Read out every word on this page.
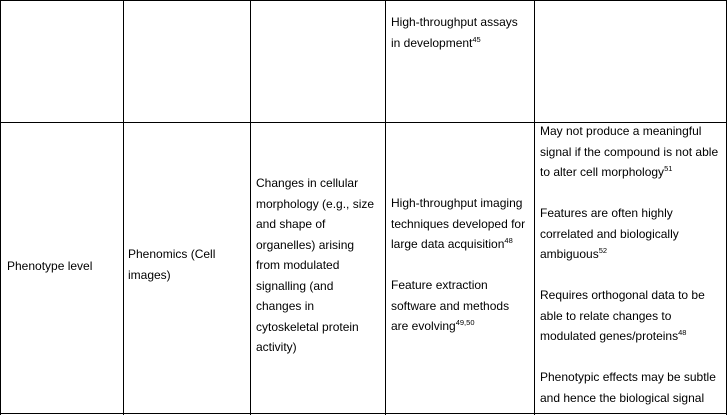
High-throughput assays in development$^{45}$

Phenotype level

Phenomics (Cell images)

Changes in cellular morphology (e.g., size and shape of organelles) arising from modulated signalling (and changes in cytoskeletal protein activity)

High-throughput imaging techniques developed for large data acquisition$^{48}$

Feature extraction software and methods are evolving$^{49,50}$

May not produce a meaningful signal if the compound is not able to alter cell morphology$^{51}$

Features are often highly correlated and biologically ambiguous$^{52}$

Requires orthogonal data to be able to relate changes to modulated genes/proteins$^{48}$

Phenotypic effects may be subtle and hence the biological signal
